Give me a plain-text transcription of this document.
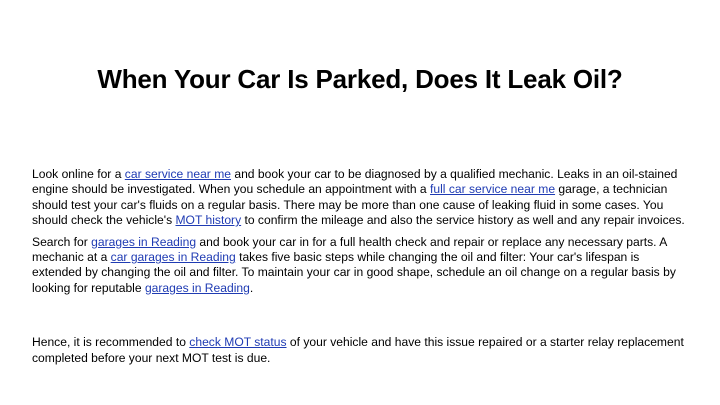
When Your Car Is Parked, Does It Leak Oil?

Look online for a car service near me and book your car to be diagnosed by a qualified mechanic. Leaks in an oil-stained engine should be investigated. When you schedule an appointment with a full car service near me garage, a technician should test your car's fluids on a regular basis. There may be more than one cause of leaking fluid in some cases. You should check the vehicle's MOT history to confirm the mileage and also the service history as well and any repair invoices.

Search for garages in Reading and book your car in for a full health check and repair or replace any necessary parts. A mechanic at a car garages in Reading takes five basic steps while changing the oil and filter: Your car's lifespan is extended by changing the oil and filter. To maintain your car in good shape, schedule an oil change on a regular basis by looking for reputable garages in Reading.

Hence, it is recommended to check MOT status of your vehicle and have this issue repaired or a starter relay replacement completed before your next MOT test is due.
